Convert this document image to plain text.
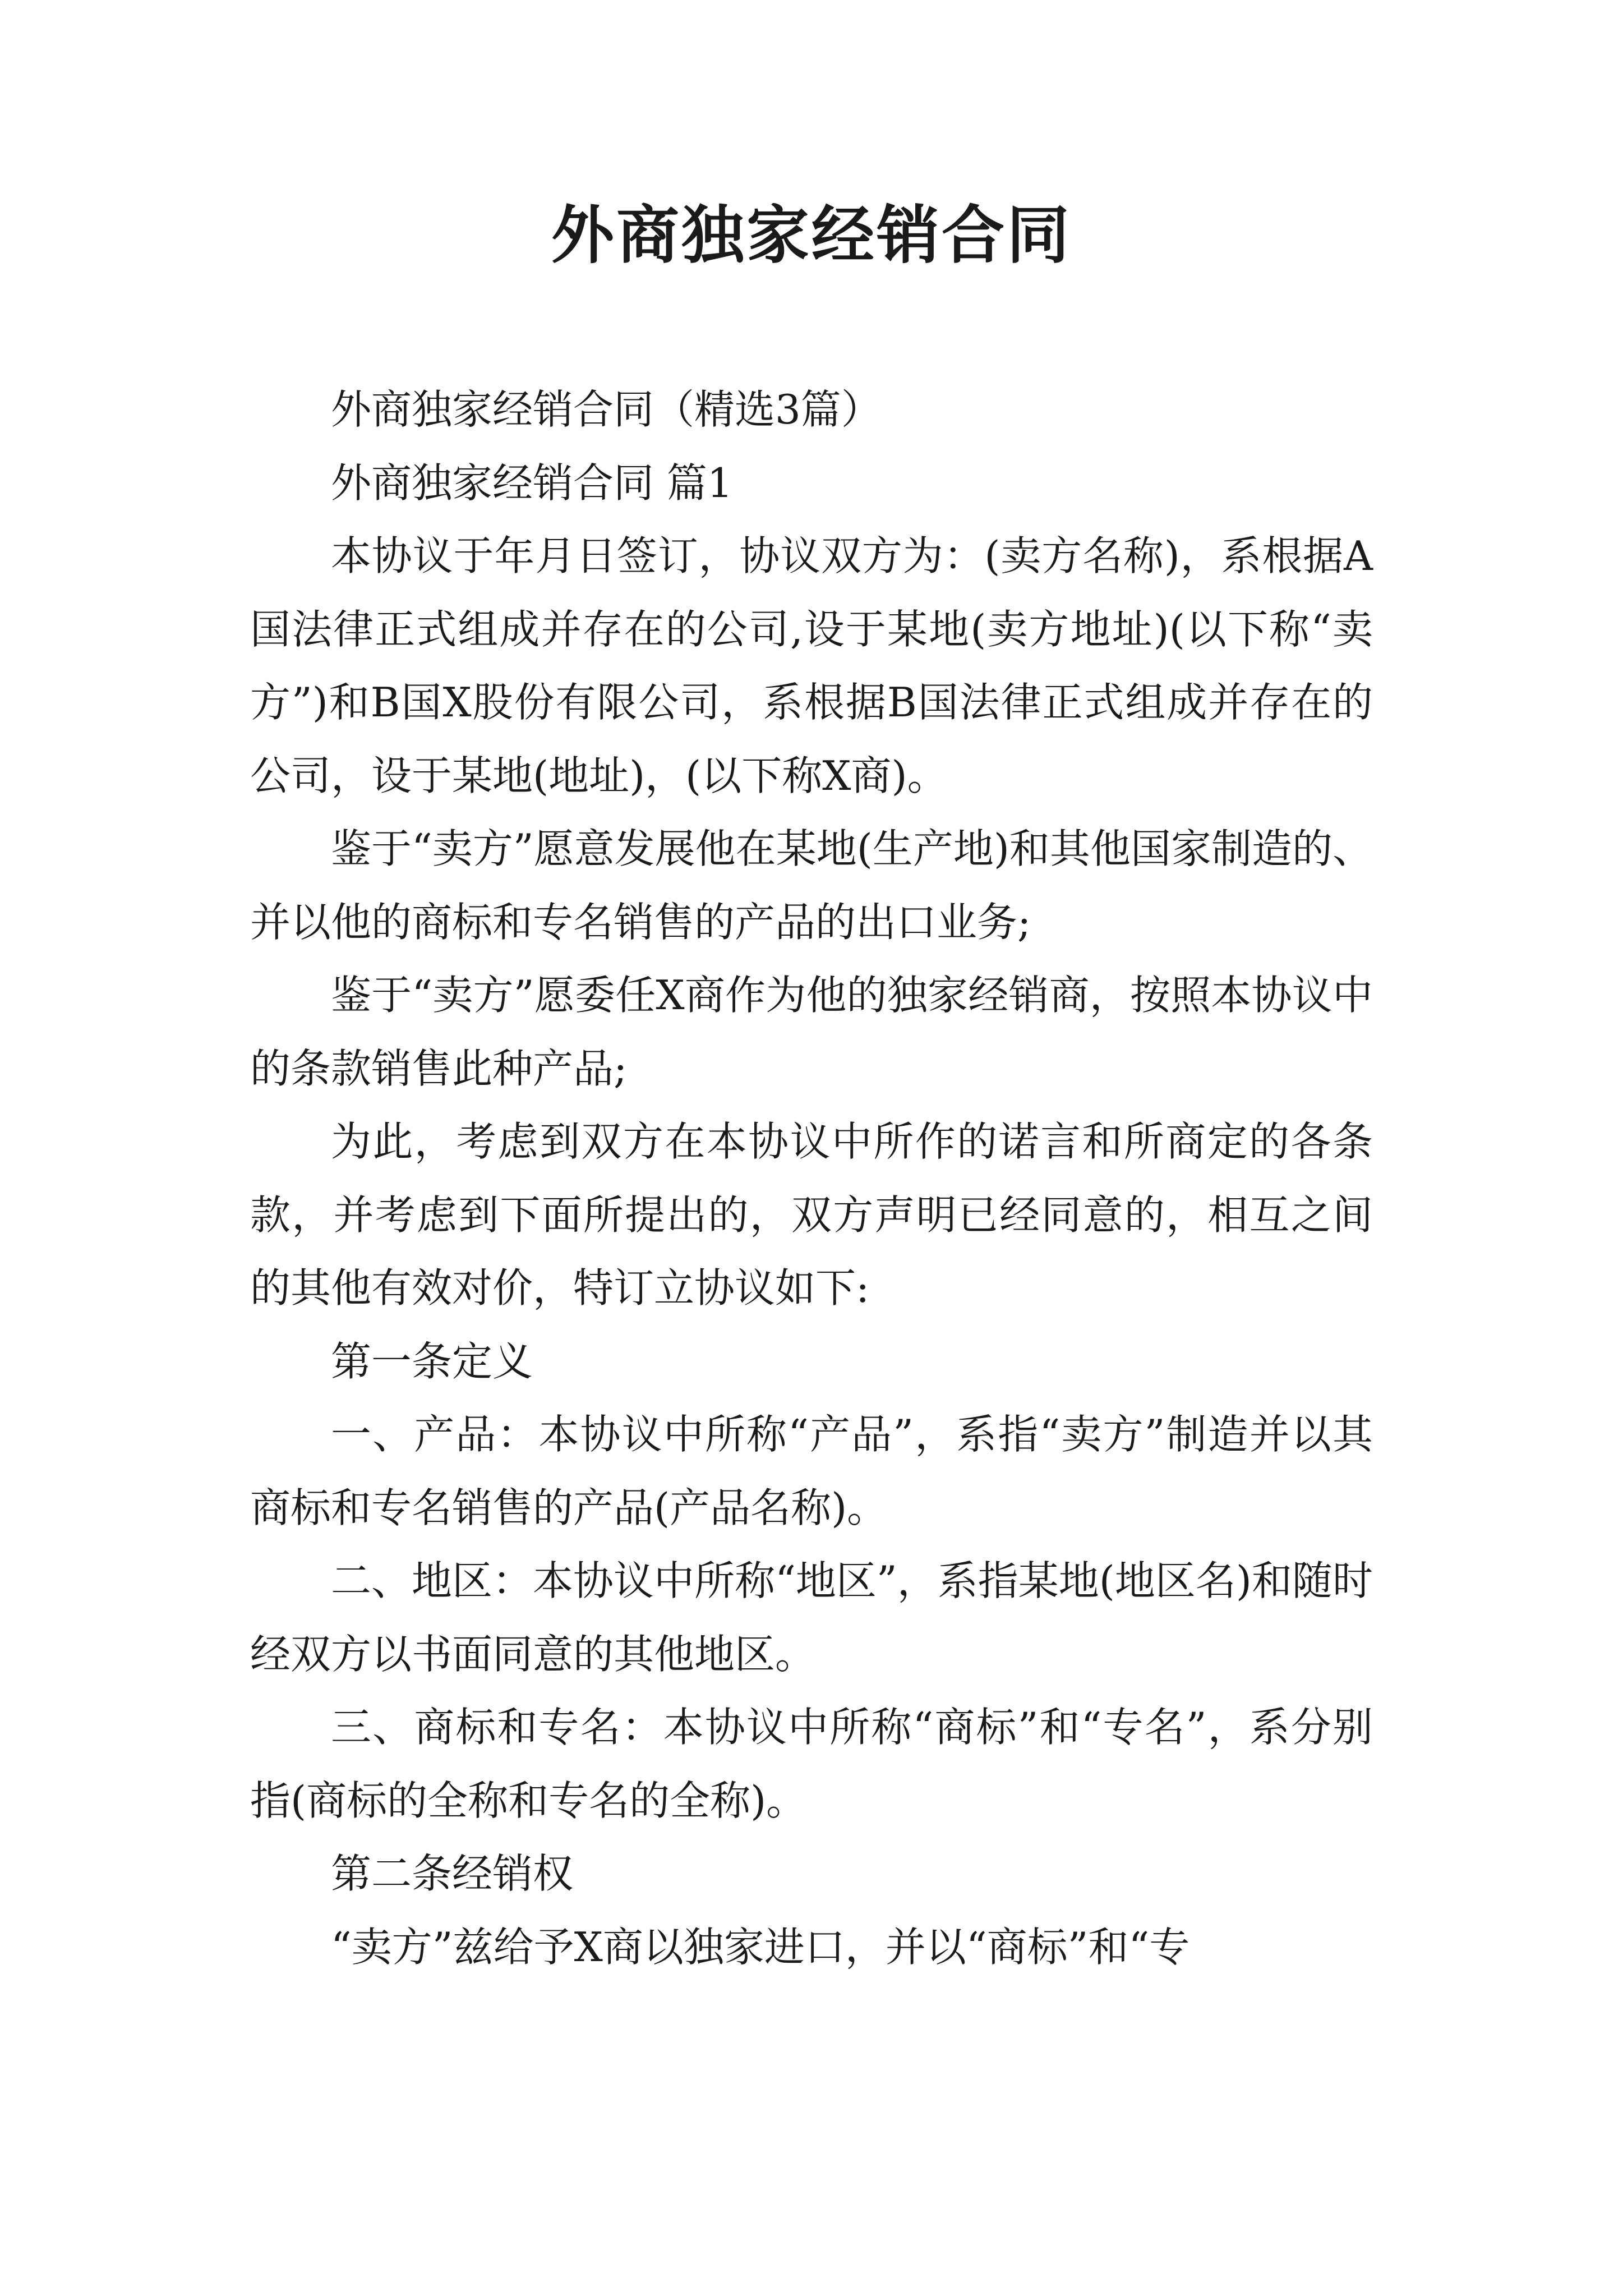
外商独家经销合同

外商独家经销合同（精选3篇）

外商独家经销合同 篇1

本协议于年月日签订，协议双方为：(卖方名称)，系根据A国法律正式组成并存在的公司,设于某地(卖方地址)(以下称“卖方”)和B国X股份有限公司，系根据B国法律正式组成并存在的公司，设于某地(地址)，(以下称X商)。

鉴于“卖方”愿意发展他在某地(生产地)和其他国家制造的、并以他的商标和专名销售的产品的出口业务;

鉴于“卖方”愿委任X商作为他的独家经销商，按照本协议中的条款销售此种产品;

为此，考虑到双方在本协议中所作的诺言和所商定的各条款，并考虑到下面所提出的，双方声明已经同意的，相互之间的其他有效对价，特订立协议如下:

第一条定义

一、产品：本协议中所称“产品”，系指“卖方”制造并以其商标和专名销售的产品(产品名称)。

二、地区：本协议中所称“地区”，系指某地(地区名)和随时经双方以书面同意的其他地区。

三、商标和专名：本协议中所称“商标”和“专名”，系分别指(商标的全称和专名的全称)。

第二条经销权

“卖方”兹给予X商以独家进口，并以“商标”和“专
